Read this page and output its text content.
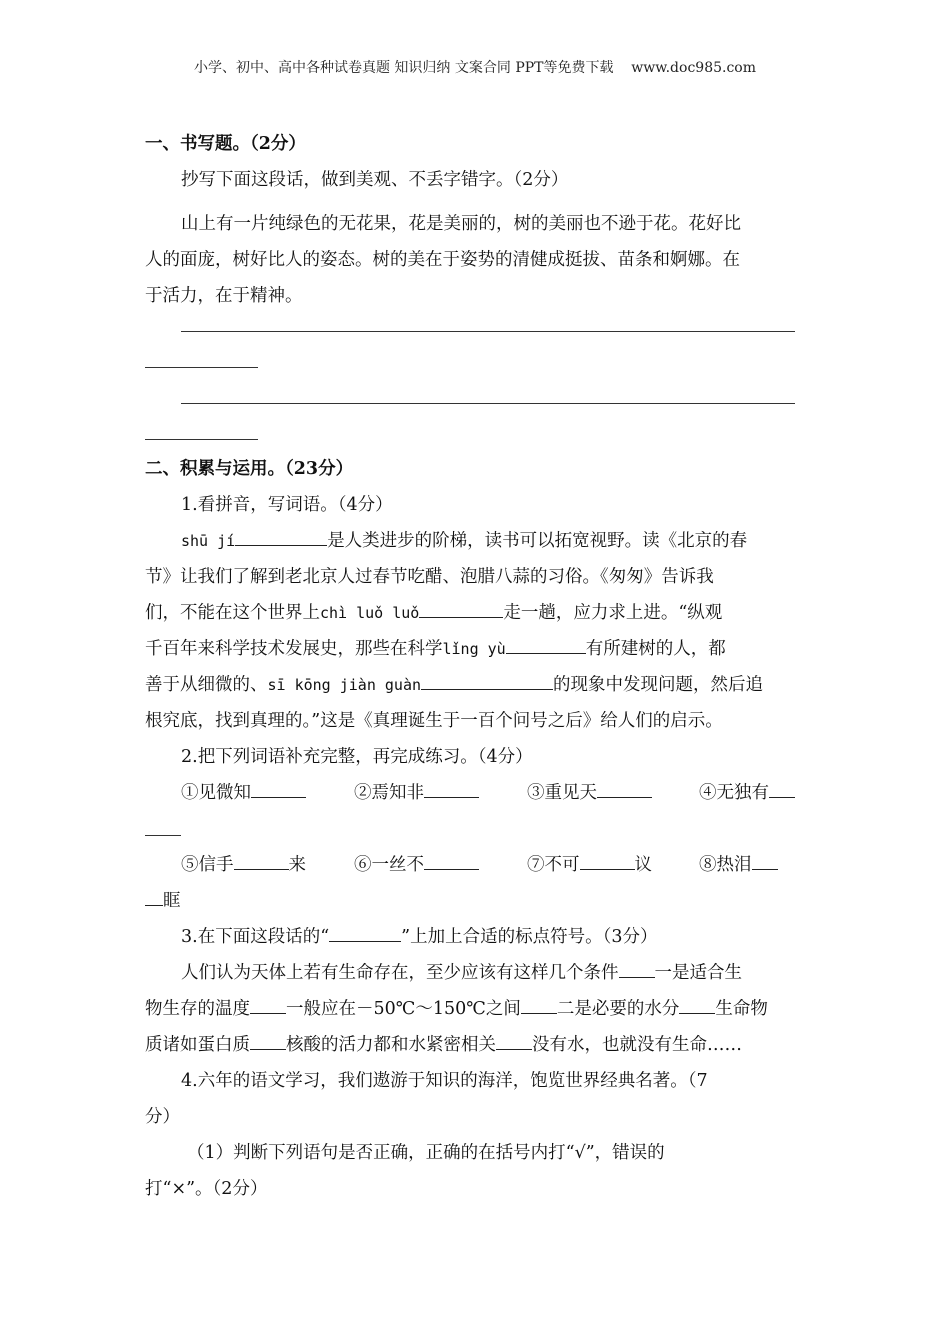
小学、初中、高中各种试卷真题 知识归纳 文案合同 PPT等免费下载    www.doc985.com
一、书写题。（2分）
抄写下面这段话，做到美观、不丢字错字。（2分）
山上有一片纯绿色的无花果，花是美丽的，树的美丽也不逊于花。花好比
人的面庞，树好比人的姿态。树的美在于姿势的清健成挺拔、苗条和婀娜。在
于活力，在于精神。
二、积累与运用。（23分）
1.看拼音，写词语。（4分）
shū jí	是人类进步的阶梯，读书可以拓宽视野。读《北京的春
节》让我们了解到老北京人过春节吃醋、泡腊八蒜的习俗。《匆匆》告诉我
们，不能在这个世界上chì luǒ luǒ	走一趟，应力求上进。“纵观
千百年来科学技术发展史，那些在科学lǐng yù	有所建树的人，都
善于从细微的、sī kōng jiàn guàn	的现象中发现问题，然后追
根究底，找到真理的。”这是《真理诞生于一百个问号之后》给人们的启示。
2.把下列词语补充完整，再完成练习。（4分）
①见微知	②焉知非	③重见天	④无独有
⑤信手	来	⑥一丝不	⑦不可	议	⑧热泪
眶
3.在下面这段话的“	”上加上合适的标点符号。（3分）
人们认为天体上若有生命存在，至少应该有这样几个条件 一是适合生
物生存的温度 一般应在－50℃～150℃之间 二是必要的水分 生命物
质诸如蛋白质 核酸的活力都和水紧密相关 没有水，也就没有生命……
4.六年的语文学习，我们遨游于知识的海洋，饱览世界经典名著。（7
分）
（1）判断下列语句是否正确，正确的在括号内打“√”，错误的
打“×”。（2分）
